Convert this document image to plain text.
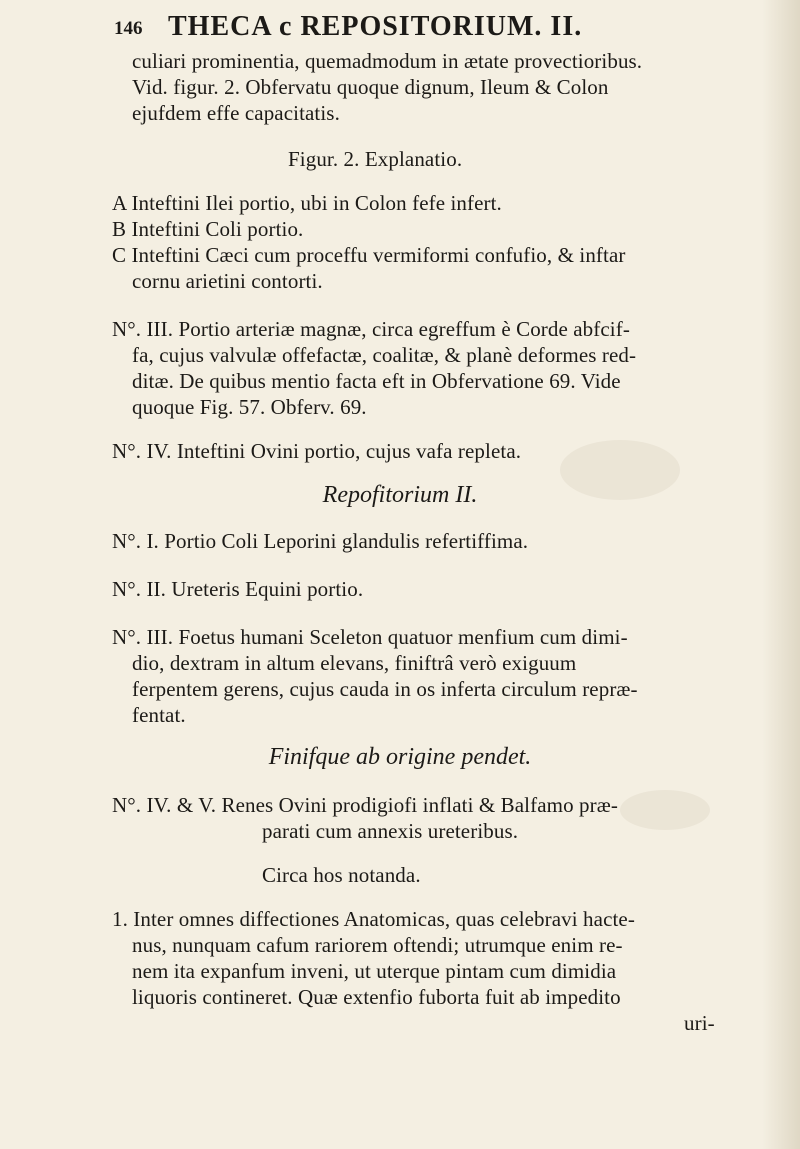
146 THECA c REPOSITORIUM. II.
culiari prominentia, quemadmodum in ætate provectioribus.
Vid. figur. 2. Obfervatu quoque dignum, Ileum & Colon
ejufdem effe capacitatis.
Figur. 2. Explanatio.
A Inteftini Ilei portio, ubi in Colon fefe infert.
B Inteftini Coli portio.
C Inteftini Cæci cum proceffu vermiformi confufio, & inftar
cornu arietini contorti.
N°. III. Portio arteriæ magnæ, circa egreffum è Corde abfcif-
fa, cujus valvulæ offefactæ, coalitæ, & planè deformes red-
ditæ. De quibus mentio facta eft in Obfervatione 69. Vide
quoque Fig. 57. Obferv. 69.
N°. IV. Inteftini Ovini portio, cujus vafa repleta.
Repofitorium II.
N°. I. Portio Coli Leporini glandulis refertiffima.
N°. II. Ureteris Equini portio.
N°. III. Foetus humani Sceleton quatuor menfium cum dimi-
dio, dextram in altum elevans, finiftrâ verò exiguum
ferpentem gerens, cujus cauda in os inferta circulum repræ-
fentat.
Finifque ab origine pendet.
N°. IV. & V. Renes Ovini prodigiofi inflati & Balfamo præ-
parati cum annexis ureteribus.
Circa hos notanda.
1. Inter omnes diffectiones Anatomicas, quas celebravi hacte-
nus, nunquam cafum rariorem oftendi; utrumque enim re-
nem ita expanfum inveni, ut uterque pintam cum dimidia
liquoris contineret. Quæ extenfio fuborta fuit ab impedito
uri-
